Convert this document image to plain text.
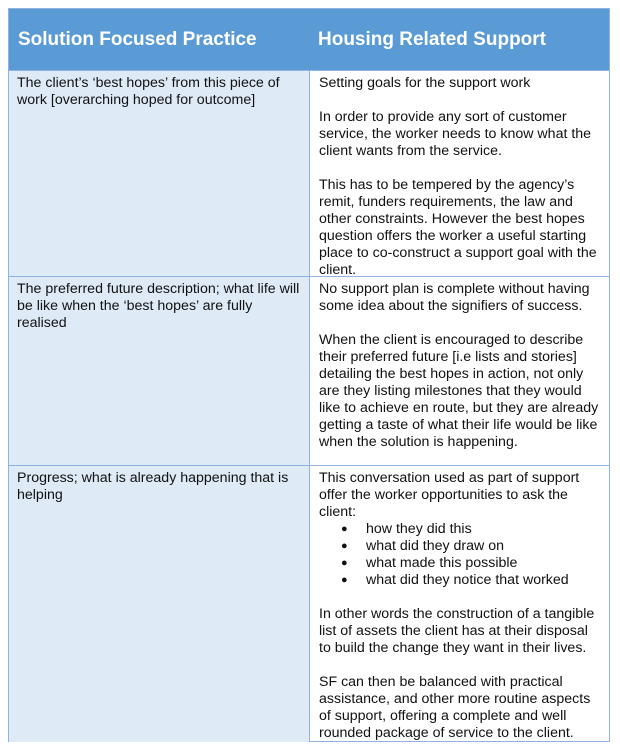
Solution Focused Practice	Housing Related Support

The client’s ‘best hopes’ from this piece of work [overarching hoped for outcome]

Setting goals for the support work

In order to provide any sort of customer service, the worker needs to know what the client wants from the service.

This has to be tempered by the agency’s remit, funders requirements, the law and other constraints. However the best hopes question offers the worker a useful starting place to co-construct a support goal with the client.

The preferred future description; what life will be like when the ‘best hopes’ are fully realised

No support plan is complete without having some idea about the signifiers of success.

When the client is encouraged to describe their preferred future [i.e lists and stories] detailing the best hopes in action, not only are they listing milestones that they would like to achieve en route, but they are already getting a taste of what their life would be like when the solution is happening.

Progress; what is already happening that is helping

This conversation used as part of support offer the worker opportunities to ask the client:

● how they did this
● what did they draw on
● what made this possible
● what did they notice that worked

In other words the construction of a tangible list of assets the client has at their disposal to build the change they want in their lives.

SF can then be balanced with practical assistance, and other more routine aspects of support, offering a complete and well rounded package of service to the client.
